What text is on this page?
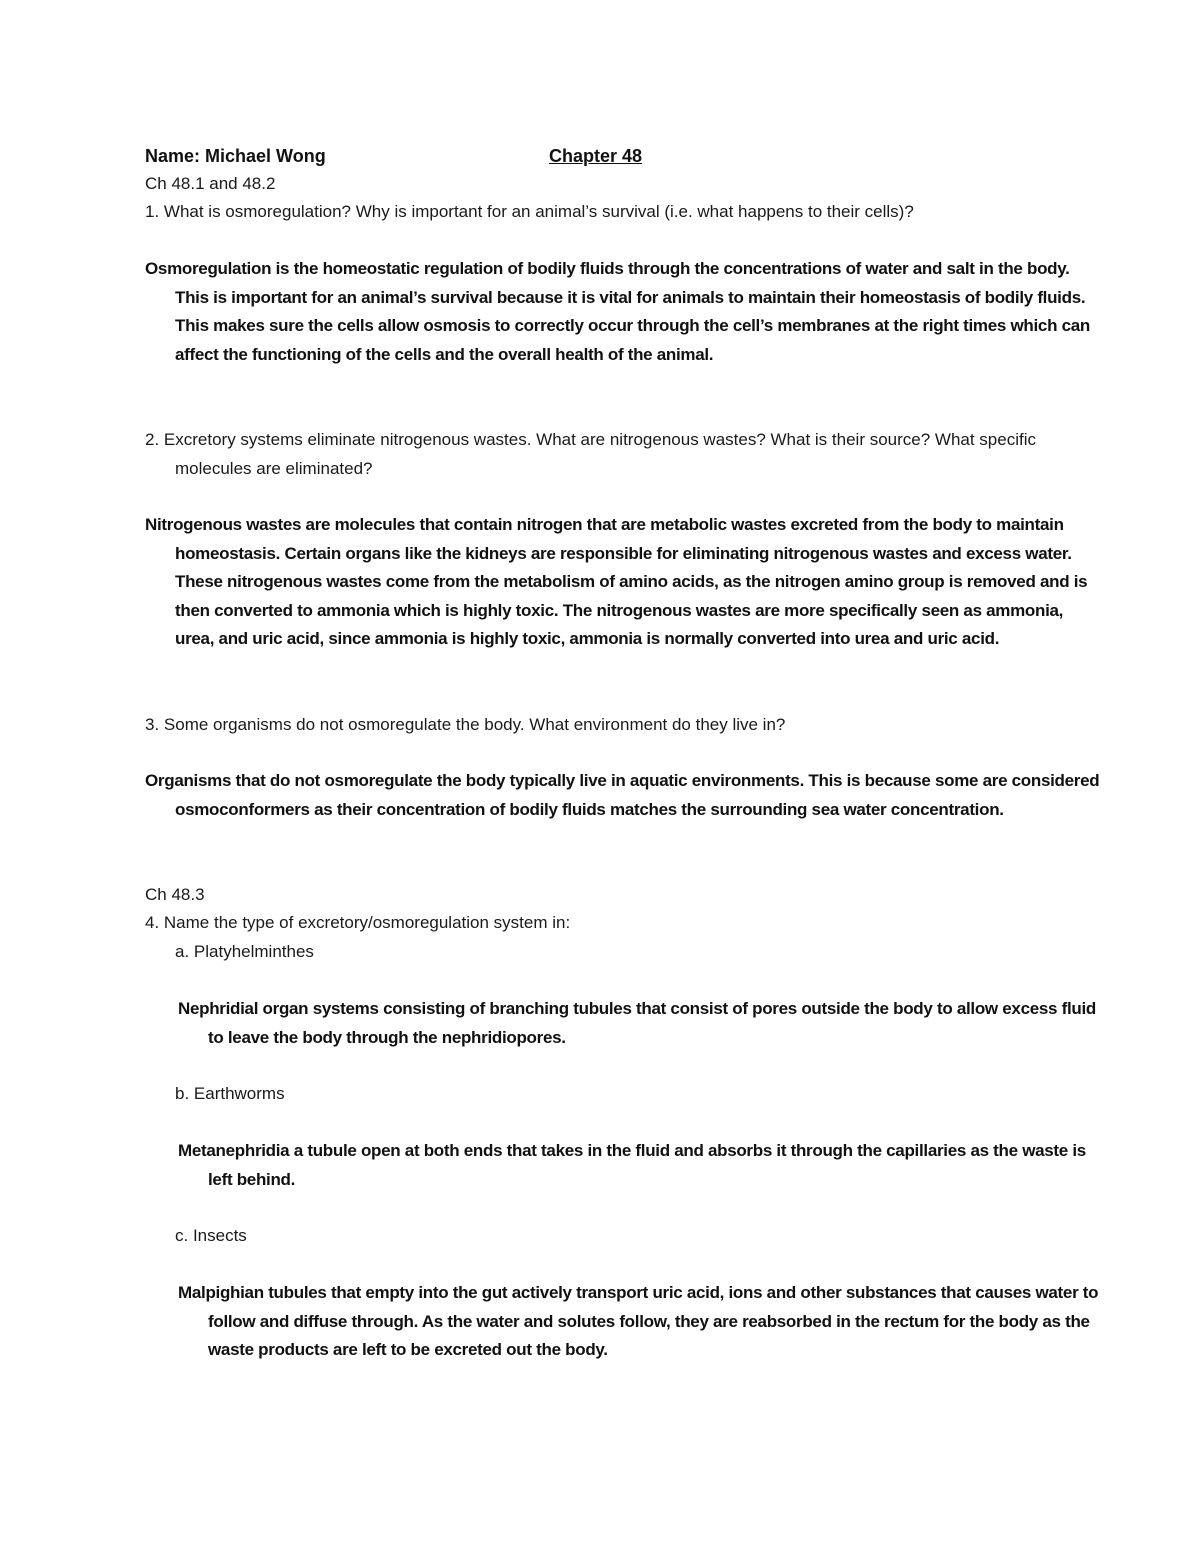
Name: Michael Wong	Chapter 48
Ch 48.1 and 48.2
1. What is osmoregulation? Why is important for an animal’s survival (i.e. what happens to their cells)?
Osmoregulation is the homeostatic regulation of bodily fluids through the concentrations of water and salt in the body. This is important for an animal’s survival because it is vital for animals to maintain their homeostasis of bodily fluids. This makes sure the cells allow osmosis to correctly occur through the cell’s membranes at the right times which can affect the functioning of the cells and the overall health of the animal.
2. Excretory systems eliminate nitrogenous wastes. What are nitrogenous wastes? What is their source? What specific molecules are eliminated?
Nitrogenous wastes are molecules that contain nitrogen that are metabolic wastes excreted from the body to maintain homeostasis. Certain organs like the kidneys are responsible for eliminating nitrogenous wastes and excess water. These nitrogenous wastes come from the metabolism of amino acids, as the nitrogen amino group is removed and is then converted to ammonia which is highly toxic. The nitrogenous wastes are more specifically seen as ammonia, urea, and uric acid, since ammonia is highly toxic, ammonia is normally converted into urea and uric acid.
3. Some organisms do not osmoregulate the body. What environment do they live in?
Organisms that do not osmoregulate the body typically live in aquatic environments. This is because some are considered osmoconformers as their concentration of bodily fluids matches the surrounding sea water concentration.
Ch 48.3
4. Name the type of excretory/osmoregulation system in:
a. Platyhelminthes
Nephridial organ systems consisting of branching tubules that consist of pores outside the body to allow excess fluid to leave the body through the nephridiopores.
b. Earthworms
Metanephridia a tubule open at both ends that takes in the fluid and absorbs it through the capillaries as the waste is left behind.
c. Insects
Malpighian tubules that empty into the gut actively transport uric acid, ions and other substances that causes water to follow and diffuse through. As the water and solutes follow, they are reabsorbed in the rectum for the body as the waste products are left to be excreted out the body.
